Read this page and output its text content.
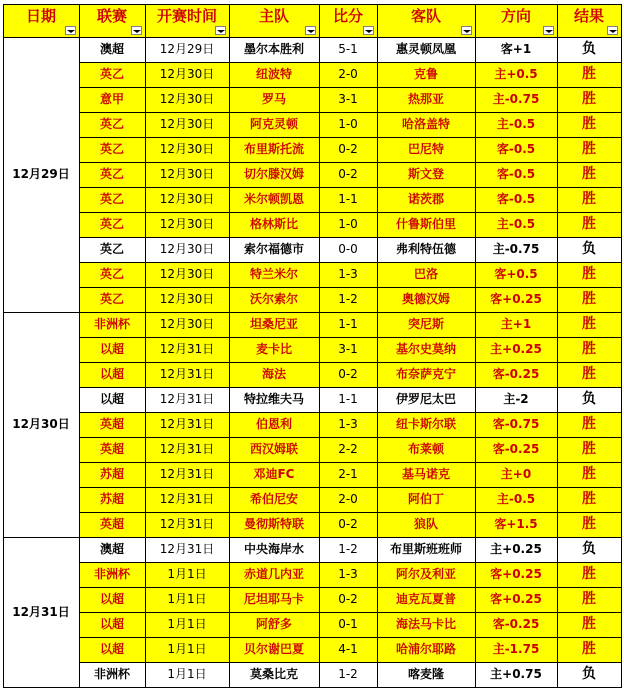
日期	联赛	开赛时间	主队	比分	客队	方向	结果

12月29日	澳超	12月29日	墨尔本胜利	5-1	惠灵顿凤凰	客+1	负
	英乙	12月30日	纽波特	2-0	克鲁	主+0.5	胜
	意甲	12月30日	罗马	3-1	热那亚	主-0.75	胜
	英乙	12月30日	阿克灵顿	1-0	哈洛盖特	主-0.5	胜
	英乙	12月30日	布里斯托流	0-2	巴尼特	客-0.5	胜
	英乙	12月30日	切尔滕汉姆	0-2	斯文登	客-0.5	胜
	英乙	12月30日	米尔顿凯恩	1-1	诺茨郡	客-0.5	胜
	英乙	12月30日	格林斯比	1-0	什鲁斯伯里	主-0.5	胜
	英乙	12月30日	索尔福德市	0-0	弗利特伍德	主-0.75	负
	英乙	12月30日	特兰米尔	1-3	巴洛	客+0.5	胜
	英乙	12月30日	沃尔索尔	1-2	奥德汉姆	客+0.25	胜
12月30日	非洲杯	12月30日	坦桑尼亚	1-1	突尼斯	主+1	胜
	以超	12月31日	麦卡比	3-1	基尔史莫纳	主+0.25	胜
	以超	12月31日	海法	0-2	布奈萨克宁	客-0.25	胜
	以超	12月31日	特拉维夫马	1-1	伊罗尼太巴	主-2	负
	英超	12月31日	伯恩利	1-3	纽卡斯尔联	客-0.75	胜
	英超	12月31日	西汉姆联	2-2	布莱顿	客-0.25	胜
	苏超	12月31日	邓迪FC	2-1	基马诺克	主+0	胜
	苏超	12月31日	希伯尼安	2-0	阿伯丁	主-0.5	胜
	英超	12月31日	曼彻斯特联	0-2	狼队	客+1.5	胜
12月31日	澳超	12月31日	中央海岸水	1-2	布里斯班班师	主+0.25	负
	非洲杯	1月1日	赤道几内亚	1-3	阿尔及利亚	客+0.25	胜
	以超	1月1日	尼坦耶马卡	0-2	迪克瓦夏普	客+0.25	胜
	以超	1月1日	阿舒多	0-1	海法马卡比	客-0.25	胜
	以超	1月1日	贝尔谢巴夏	4-1	哈浦尔耶路	主-1.75	胜
	非洲杯	1月1日	莫桑比克	1-2	喀麦隆	主+0.75	负
